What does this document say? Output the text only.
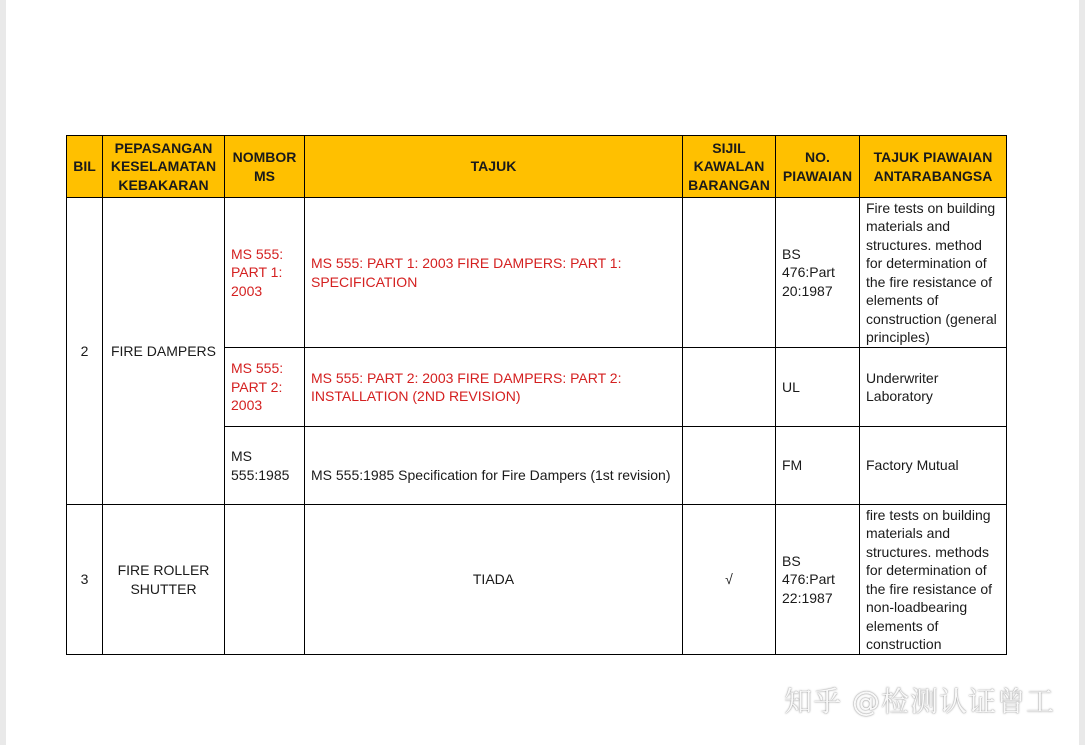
BIL	PEPASANGAN KESELAMATAN KEBAKARAN	NOMBOR MS	TAJUK	SIJIL KAWALAN BARANGAN	NO. PIAWAIAN	TAJUK PIAWAIAN ANTARABANGSA
2	FIRE DAMPERS	MS 555: PART 1: 2003	MS 555: PART 1: 2003 FIRE DAMPERS: PART 1: SPECIFICATION		BS 476:Part 20:1987	Fire tests on building materials and structures. method for determination of the fire resistance of elements of construction (general principles)
		MS 555: PART 2: 2003	MS 555: PART 2: 2003 FIRE DAMPERS: PART 2: INSTALLATION (2ND REVISION)		UL	Underwriter Laboratory
		MS 555:1985	MS 555:1985 Specification for Fire Dampers (1st revision)		FM	Factory Mutual
3	FIRE ROLLER SHUTTER		TIADA	√	BS 476:Part 22:1987	fire tests on building materials and structures. methods for determination of the fire resistance of non-loadbearing elements of construction
知乎 @检测认证曾工
